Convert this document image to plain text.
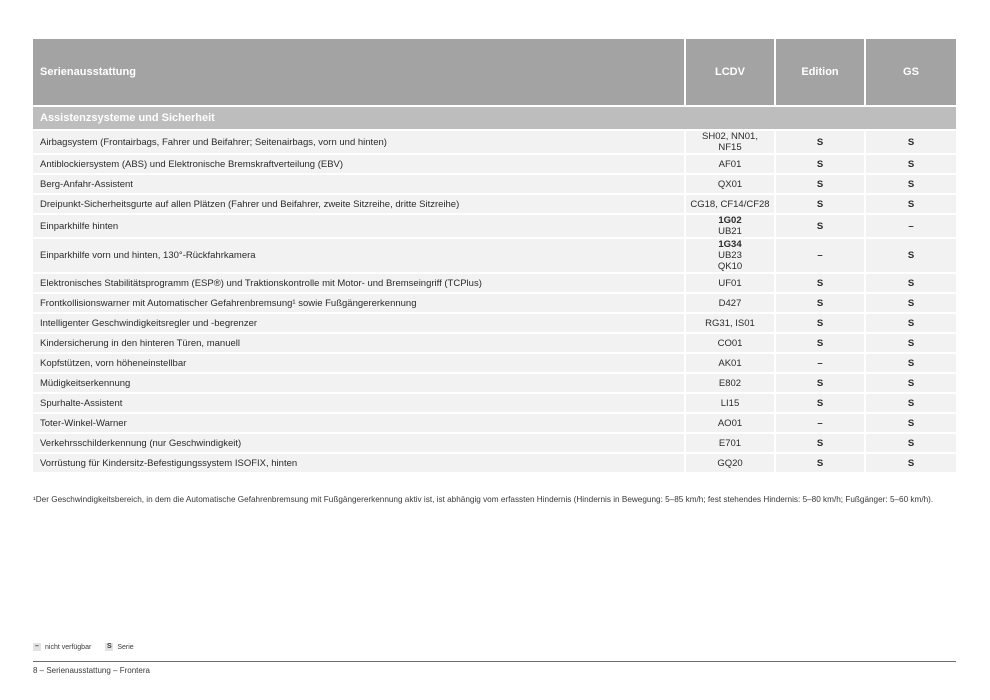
Serienausstattung	LCDV	Edition	GS
Assistenzsysteme und Sicherheit			
Airbagsystem (Frontairbags, Fahrer und Beifahrer; Seitenairbags, vorn und hinten)	SH02, NN01,
NF15	S	S
Antiblockiersystem (ABS) und Elektronische Bremskraftverteilung (EBV)	AF01	S	S
Berg-Anfahr-Assistent	QX01	S	S
Dreipunkt-Sicherheitsgurte auf allen Plätzen (Fahrer und Beifahrer, zweite Sitzreihe, dritte Sitzreihe)	CG18, CF14/CF28	S	S
Einparkhilfe hinten	1G02
UB21	S	–
Einparkhilfe vorn und hinten, 130°-Rückfahrkamera	1G34
UB23
QK10	–	S
Elektronisches Stabilitätsprogramm (ESP®) und Traktionskontrolle mit Motor- und Bremseingriff (TCPlus)	UF01	S	S
Frontkollisionswarner mit Automatischer Gefahrenbremsung¹ sowie Fußgängererkennung	D427	S	S
Intelligenter Geschwindigkeitsregler und -begrenzer	RG31, IS01	S	S
Kindersicherung in den hinteren Türen, manuell	CO01	S	S
Kopfstützen, vorn höheneinstellbar	AK01	–	S
Müdigkeitserkennung	E802	S	S
Spurhalte-Assistent	LI15	S	S
Toter-Winkel-Warner	AO01	–	S
Verkehrsschilderkennung (nur Geschwindigkeit)	E701	S	S
Vorrüstung für Kindersitz-Befestigungssystem ISOFIX, hinten	GQ20	S	S
¹Der Geschwindigkeitsbereich, in dem die Automatische Gefahrenbremsung mit Fußgängererkennung aktiv ist, ist abhängig vom erfassten Hindernis (Hindernis in Bewegung: 5–85 km/h; fest stehendes Hindernis: 5–80 km/h; Fußgänger: 5–60 km/h).
– nicht verfügbar S Serie
8 – Serienausstattung – Frontera
